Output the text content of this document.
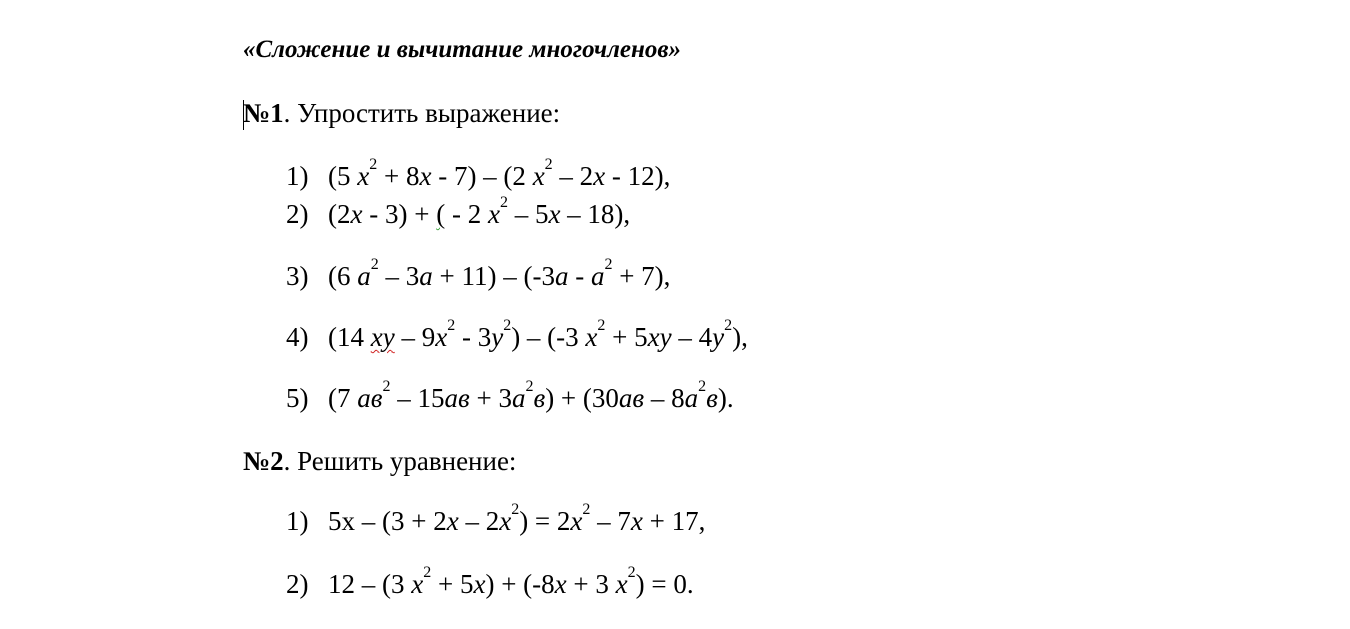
«Сложение и вычитание многочленов»
№1. Упростить выражение:
1) (5 $x^2 + 8x - 7) - (2$ $x^2 - 2x - 12$),
2) (2x - 3) + ( - 2 $x^2 - 5x - 18$),
3) (6 $a^2 - 3a + 11) - (-3a - a^2 + 7)$,
4) (14 xy – $9x^2 - 3y^2) - (-3$ $x^2 + 5xy - 4y^2$),
5) (7 $ав^2 - 15ав + 3а^2в) + (30ав - 8а^2в)$.
№2. Решить уравнение:
1) $5x - (3 + 2x - 2x^2) = 2x^2 - 7x + 17$,
2) 12 – (3 $x^2 + 5x) + (-8x + 3$ $x^2) = 0$.
